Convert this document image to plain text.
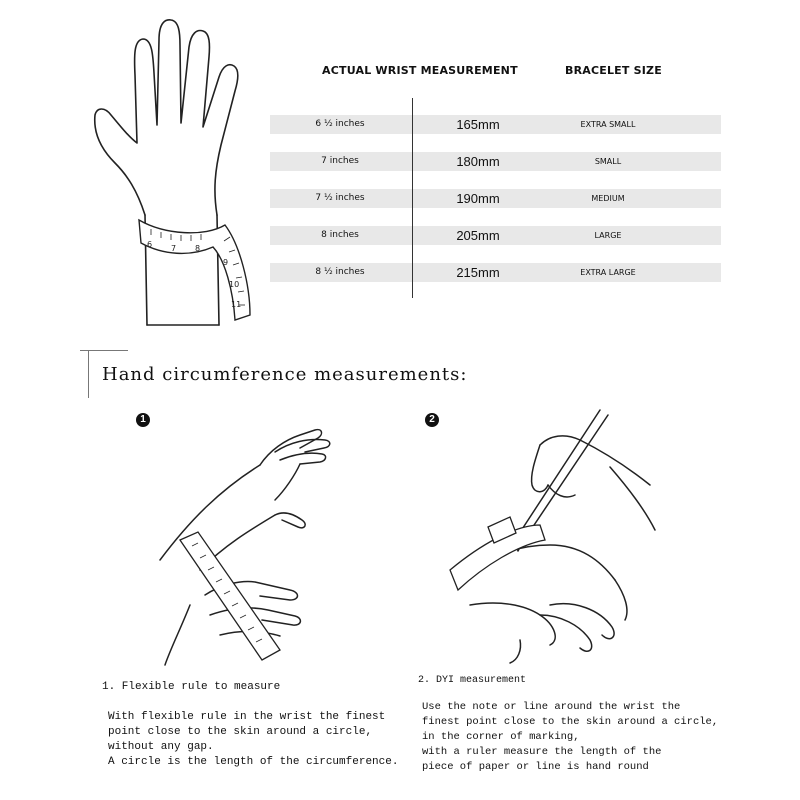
6 7 8
9
10
11
ACTUAL WRIST MEASUREMENT	BRACELET SIZE
6 ½ inches	165mm	EXTRA SMALL
7 inches	180mm	SMALL
7 ½ inches	190mm	MEDIUM
8 inches	205mm	LARGE
8 ½ inches	215mm	EXTRA LARGE
Hand circumference measurements:
1	2
1. Flexible rule to measure
With flexible rule in the wrist the finest
point close to the skin around a circle,
without any gap.
A circle is the length of the circumference.
2. DYI measurement
Use the note or line around the wrist the
finest point close to the skin around a circle,
in the corner of marking,
with a ruler measure the length of the
piece of paper or line is hand round
